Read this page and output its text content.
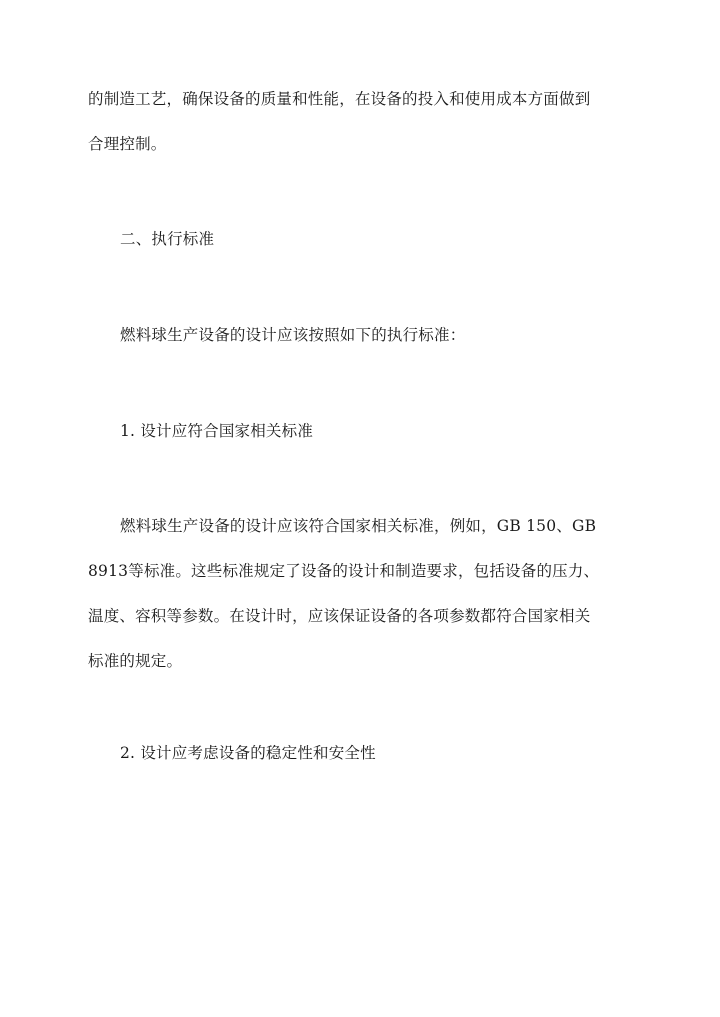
的制造工艺，确保设备的质量和性能，在设备的投入和使用成本方面做到
合理控制。
二、执行标准
燃料球生产设备的设计应该按照如下的执行标准：
1. 设计应符合国家相关标准
燃料球生产设备的设计应该符合国家相关标准，例如，GB 150、GB
8913等标准。这些标准规定了设备的设计和制造要求，包括设备的压力、
温度、容积等参数。在设计时，应该保证设备的各项参数都符合国家相关
标准的规定。
2. 设计应考虑设备的稳定性和安全性
